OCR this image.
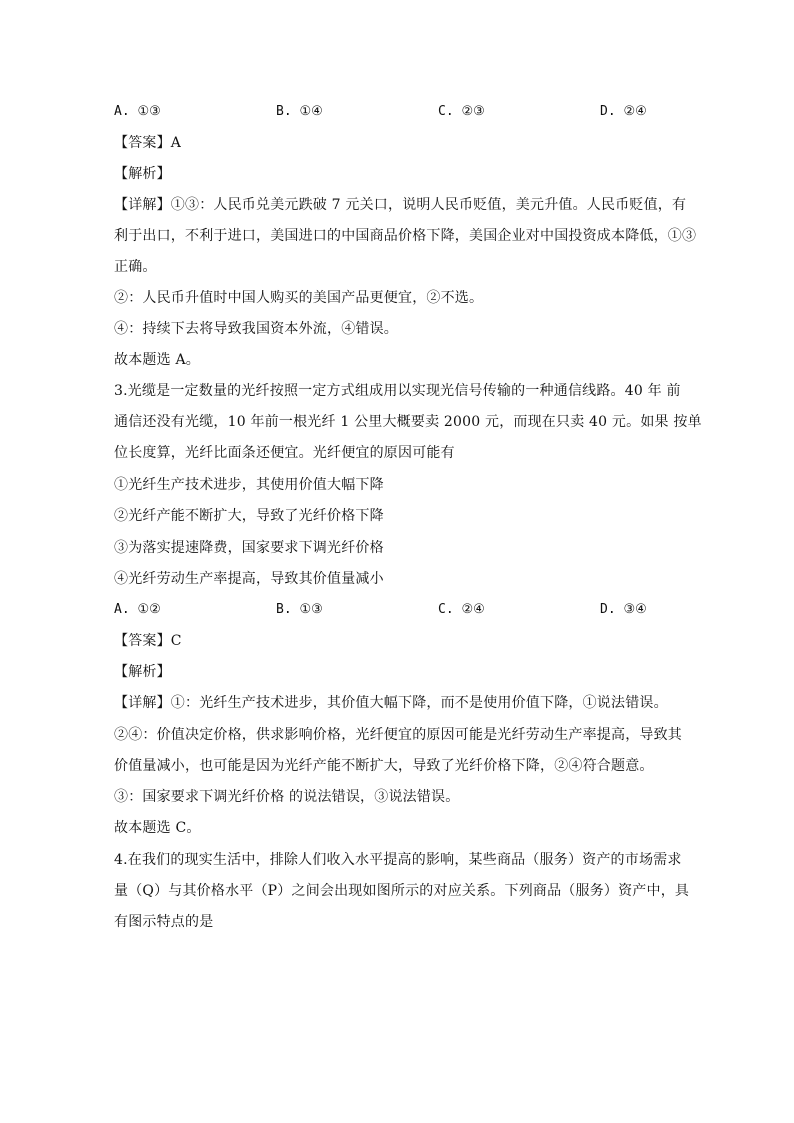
A. ①③	B. ①④	C. ②③	D. ②④
【答案】A
【解析】
【详解】①③：人民币兑美元跌破 7 元关口，说明人民币贬值，美元升值。人民币贬值，有
利于出口，不利于进口，美国进口的中国商品价格下降，美国企业对中国投资成本降低，①③
正确。
②：人民币升值时中国人购买的美国产品更便宜，②不选。
④：持续下去将导致我国资本外流，④错误。
故本题选 A。
3.光缆是一定数量的光纤按照一定方式组成用以实现光信号传输的一种通信线路。40 年 前
通信还没有光缆，10 年前一根光纤 1 公里大概要卖 2000 元，而现在只卖 40 元。如果 按单
位长度算，光纤比面条还便宜。光纤便宜的原因可能有
①光纤生产技术进步，其使用价值大幅下降
②光纤产能不断扩大，导致了光纤价格下降
③为落实提速降费，国家要求下调光纤价格
④光纤劳动生产率提高，导致其价值量减小
A. ①②	B. ①③	C. ②④	D. ③④
【答案】C
【解析】
【详解】①：光纤生产技术进步，其价值大幅下降，而不是使用价值下降，①说法错误。
②④：价值决定价格，供求影响价格，光纤便宜的原因可能是光纤劳动生产率提高，导致其
价值量减小，也可能是因为光纤产能不断扩大，导致了光纤价格下降，②④符合题意。
③：国家要求下调光纤价格 的说法错误，③说法错误。
故本题选 C。
4.在我们的现实生活中，排除人们收入水平提高的影响，某些商品（服务）资产的市场需求
量（Q）与其价格水平（P）之间会出现如图所示的对应关系。下列商品（服务）资产中，具
有图示特点的是
